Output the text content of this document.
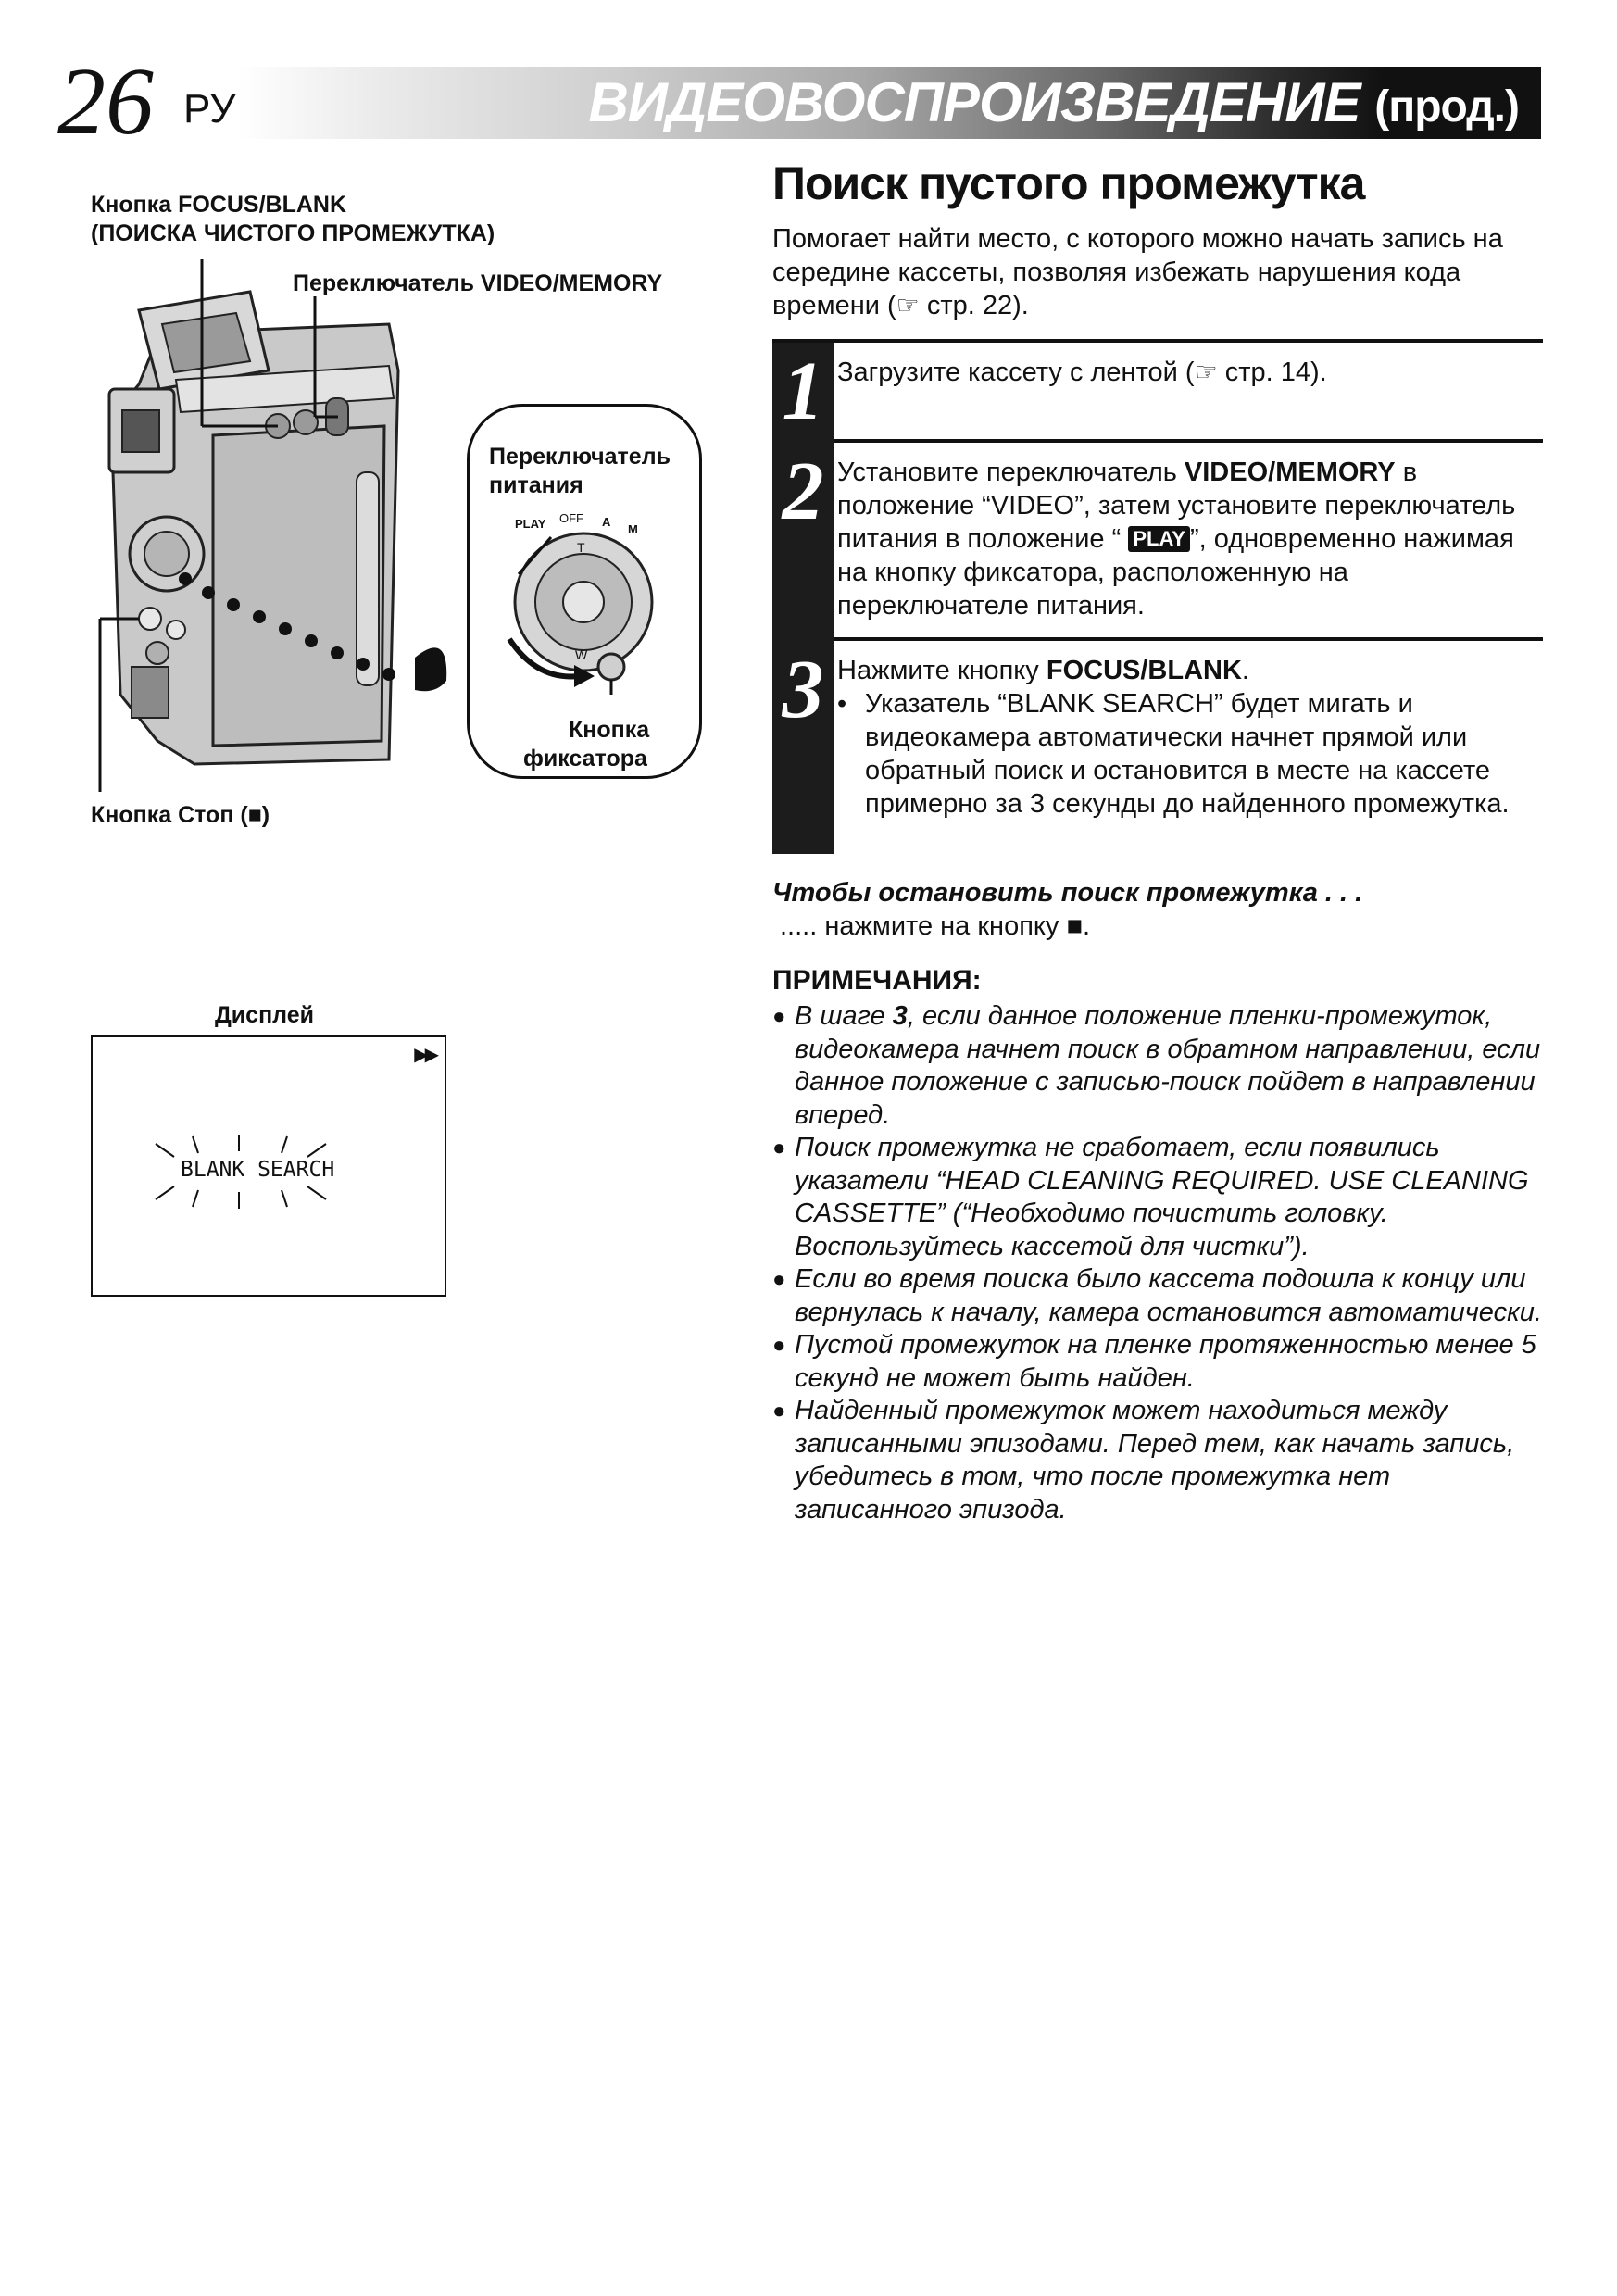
26 РУ	ВИДЕОВОСПРОИЗВЕДЕНИЕ (прод.)
Кнопка FOCUS/BLANK
(ПОИСКА ЧИСТОГО ПРОМЕЖУТКА)
Переключатель VIDEO/MEMORY
Переключатель
питания
PLAY OFF A
M
T
W
Кнопка
фиксатора
Кнопка Стоп (■)
Дисплей
▶▶
BLANK SEARCH
Поиск пустого промежутка
Помогает найти место, с которого можно начать запись на середине кассеты, позволяя избежать нарушения кода времени (☞ стр. 22).
1 Загрузите кассету с лентой (☞ стр. 14).
2 Установите переключатель VIDEO/MEMORY в положение “VIDEO”, затем установите переключатель питания в положение “ PLAY ”, одновременно нажимая на кнопку фиксатора, расположенную на переключателе питания.
3 Нажмите кнопку FOCUS/BLANK.
• Указатель “BLANK SEARCH” будет мигать и видеокамера автоматически начнет прямой или обратный поиск и остановится в месте на кассете примерно за 3 секунды до найденного промежутка.
Чтобы остановить поиск промежутка . . .
..... нажмите на кнопку ■.
ПРИМЕЧАНИЯ:
● В шаге 3, если данное положение пленки-промежуток, видеокамера начнет поиск в обратном направлении, если данное положение с записью-поиск пойдет в направлении вперед.
● Поиск промежутка не сработает, если появились указатели “HEAD CLEANING REQUIRED. USE CLEANING CASSETTE” (“Необходимо почистить головку. Воспользуйтесь кассетой для чистки”).
● Если во время поиска было кассета подошла к концу или вернулась к началу, камера остановится автоматически.
● Пустой промежуток на пленке протяженностью менее 5 секунд не может быть найден.
● Найденный промежуток может находиться между записанными эпизодами. Перед тем, как начать запись, убедитесь в том, что после промежутка нет записанного эпизода.
